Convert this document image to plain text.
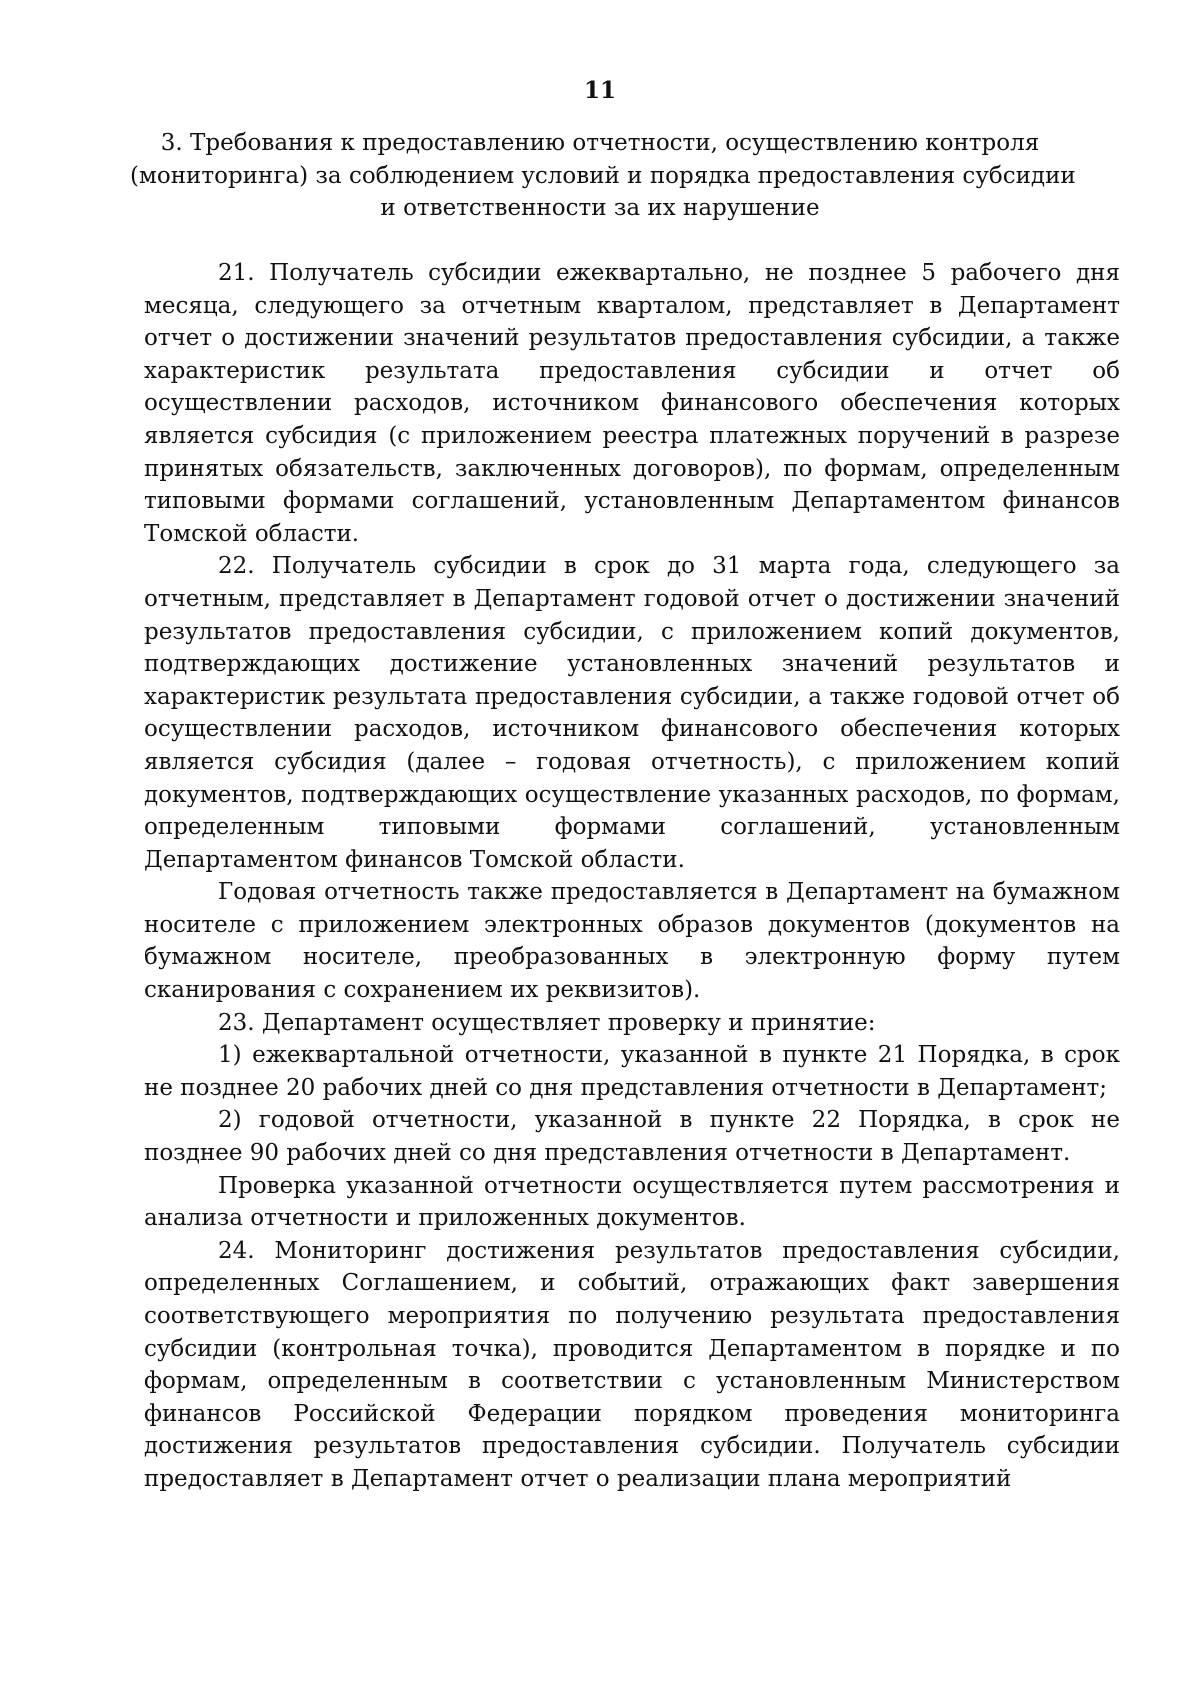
11
3. Требования к предоставлению отчетности, осуществлению контроля
(мониторинга) за соблюдением условий и порядка предоставления субсидии
и ответственности за их нарушение

21. Получатель субсидии ежеквартально, не позднее 5 рабочего дня месяца, следующего за отчетным кварталом, представляет в Департамент отчет о достижении значений результатов предоставления субсидии, а также характеристик результата предоставления субсидии и отчет об осуществлении расходов, источником финансового обеспечения которых является субсидия (с приложением реестра платежных поручений в разрезе принятых обязательств, заключенных договоров), по формам, определенным типовыми формами соглашений, установленным Департаментом финансов Томской области.

22. Получатель субсидии в срок до 31 марта года, следующего за отчетным, представляет в Департамент годовой отчет о достижении значений результатов предоставления субсидии, с приложением копий документов, подтверждающих достижение установленных значений результатов и характеристик результата предоставления субсидии, а также годовой отчет об осуществлении расходов, источником финансового обеспечения которых является субсидия (далее – годовая отчетность), с приложением копий документов, подтверждающих осуществление указанных расходов, по формам, определенным типовыми формами соглашений, установленным Департаментом финансов Томской области.

Годовая отчетность также предоставляется в Департамент на бумажном носителе с приложением электронных образов документов (документов на бумажном носителе, преобразованных в электронную форму путем сканирования с сохранением их реквизитов).

23. Департамент осуществляет проверку и принятие:

1) ежеквартальной отчетности, указанной в пункте 21 Порядка, в срок не позднее 20 рабочих дней со дня представления отчетности в Департамент;

2) годовой отчетности, указанной в пункте 22 Порядка, в срок не позднее 90 рабочих дней со дня представления отчетности в Департамент.

Проверка указанной отчетности осуществляется путем рассмотрения и анализа отчетности и приложенных документов.

24. Мониторинг достижения результатов предоставления субсидии, определенных Соглашением, и событий, отражающих факт завершения соответствующего мероприятия по получению результата предоставления субсидии (контрольная точка), проводится Департаментом в порядке и по формам, определенным в соответствии с установленным Министерством финансов Российской Федерации порядком проведения мониторинга достижения результатов предоставления субсидии. Получатель субсидии предоставляет в Департамент отчет о реализации плана мероприятий
